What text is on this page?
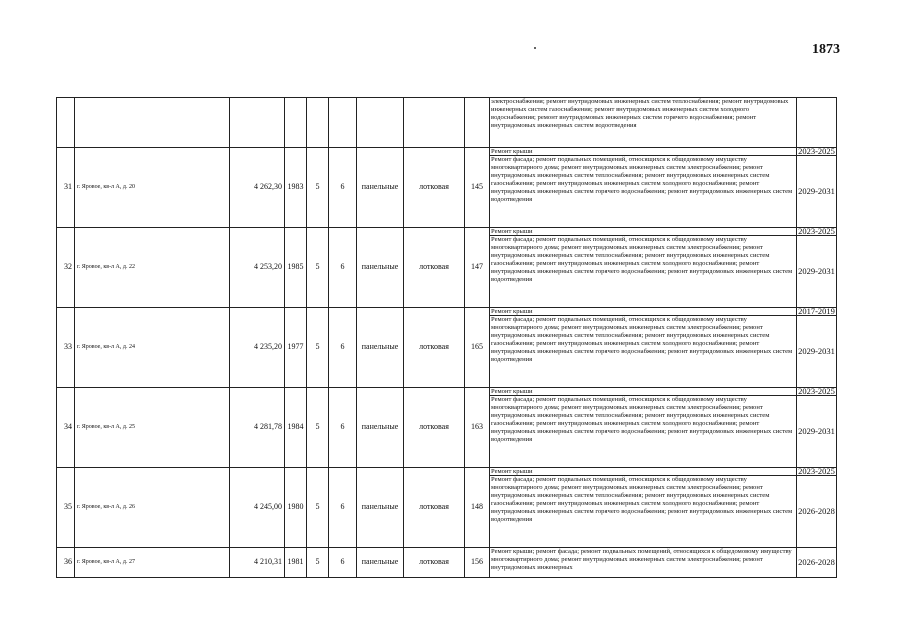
1873
									электроснабжения; ремонт внутридомовых инженерных систем теплоснабжения; ремонт внутридомовых инженерных систем газоснабжения; ремонт внутридомовых инженерных систем холодного водоснабжения; ремонт внутридомовых инженерных систем горячего водоснабжения; ремонт внутридомовых инженерных систем водоотведения	
31	г. Яровое, кв-л А, д. 20	4 262,30	1983	5	6	панельные	лотковая	145	Ремонт крыши	2023-2025
									Ремонт фасада; ремонт подвальных помещений, относящихся к общедомовому имуществу многоквартирного дома; ремонт внутридомовых инженерных систем электроснабжения; ремонт внутридомовых инженерных систем теплоснабжения; ремонт внутридомовых инженерных систем газоснабжения; ремонт внутридомовых инженерных систем холодного водоснабжения; ремонт внутридомовых инженерных систем горячего водоснабжения; ремонт внутридомовых инженерных систем водоотведения	2029-2031
32	г. Яровое, кв-л А, д. 22	4 253,20	1985	5	6	панельные	лотковая	147	Ремонт крыши	2023-2025
									Ремонт фасада; ремонт подвальных помещений, относящихся к общедомовому имуществу многоквартирного дома; ремонт внутридомовых инженерных систем электроснабжения; ремонт внутридомовых инженерных систем теплоснабжения; ремонт внутридомовых инженерных систем газоснабжения; ремонт внутридомовых инженерных систем холодного водоснабжения; ремонт внутридомовых инженерных систем горячего водоснабжения; ремонт внутридомовых инженерных систем водоотведения	2029-2031
33	г. Яровое, кв-л А, д. 24	4 235,20	1977	5	6	панельные	лотковая	165	Ремонт крыши	2017-2019
									Ремонт фасада; ремонт подвальных помещений, относящихся к общедомовому имуществу многоквартирного дома; ремонт внутридомовых инженерных систем электроснабжения; ремонт внутридомовых инженерных систем теплоснабжения; ремонт внутридомовых инженерных систем газоснабжения; ремонт внутридомовых инженерных систем холодного водоснабжения; ремонт внутридомовых инженерных систем горячего водоснабжения; ремонт внутридомовых инженерных систем водоотведения	2029-2031
34	г. Яровое, кв-л А, д. 25	4 281,78	1984	5	6	панельные	лотковая	163	Ремонт крыши	2023-2025
									Ремонт фасада; ремонт подвальных помещений, относящихся к общедомовому имуществу многоквартирного дома; ремонт внутридомовых инженерных систем электроснабжения; ремонт внутридомовых инженерных систем теплоснабжения; ремонт внутридомовых инженерных систем газоснабжения; ремонт внутридомовых инженерных систем холодного водоснабжения; ремонт внутридомовых инженерных систем горячего водоснабжения; ремонт внутридомовых инженерных систем водоотведения	2029-2031
35	г. Яровое, кв-л А, д. 26	4 245,00	1980	5	6	панельные	лотковая	148	Ремонт крыши	2023-2025
									Ремонт фасада; ремонт подвальных помещений, относящихся к общедомовому имуществу многоквартирного дома; ремонт внутридомовых инженерных систем электроснабжения; ремонт внутридомовых инженерных систем теплоснабжения; ремонт внутридомовых инженерных систем газоснабжения; ремонт внутридомовых инженерных систем холодного водоснабжения; ремонт внутридомовых инженерных систем горячего водоснабжения; ремонт внутридомовых инженерных систем водоотведения	2026-2028
36	г. Яровое, кв-л А, д. 27	4 210,31	1981	5	6	панельные	лотковая	156	Ремонт крыши; ремонт фасада; ремонт подвальных помещений, относящихся к общедомовому имуществу многоквартирного дома; ремонт внутридомовых инженерных систем электроснабжения; ремонт внутридомовых инженерных	2026-2028
